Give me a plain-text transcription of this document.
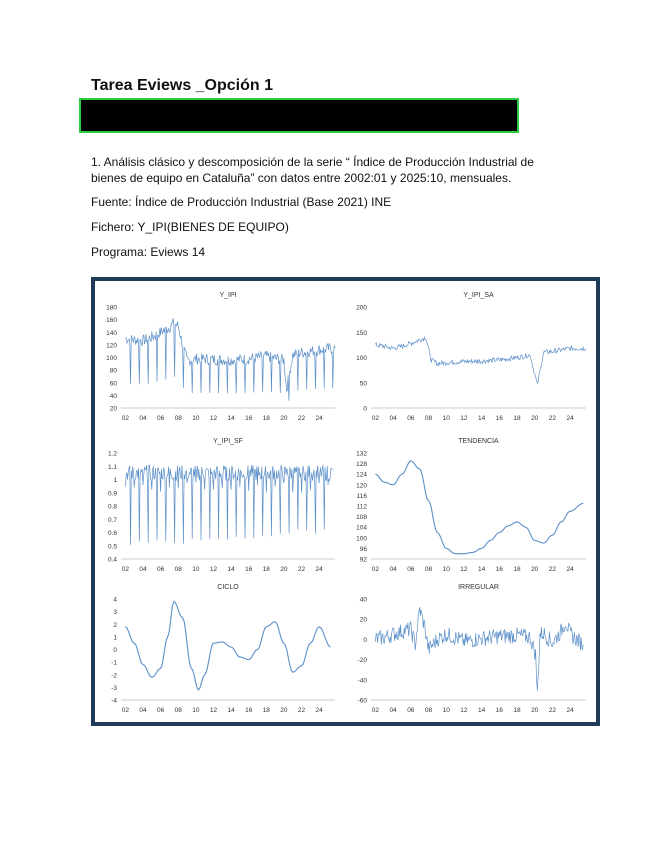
Tarea Eviews _Opción 1
1. Análisis clásico y descomposición de la serie “ Índice de Producción Industrial de
bienes de equipo en Cataluña” con datos entre 2002:01 y 2025:10, mensuales.
Fuente: Índice de Producción Industrial (Base 2021) INE
Fichero: Y_IPI(BIENES DE EQUIPO)
Programa: Eviews 14
Y_IPI
20
40
60
80
100
120
140
160
180
02 04 06 08 10 12 14 16 18 20 22 24
Y_IPI_SA
0
50
100
150
200
02 04 06 08 10 12 14 16 18 20 22 24
Y_IPI_SF
0.4
0.5
0.6
0.7
0.8
0.9
1
1.1
1.2
02 04 06 08 10 12 14 16 18 20 22 24
TENDENCIA
92
96
100
104
108
112
116
120
124
128
132
02 04 06 08 10 12 14 16 18 20 22 24
CICLO
-4
-3
-2
-1
0
1
2
3
4
02 04 06 08 10 12 14 16 18 20 22 24
IRREGULAR
-60
-40
-20
0
20
40
02 04 06 08 10 12 14 16 18 20 22 24
